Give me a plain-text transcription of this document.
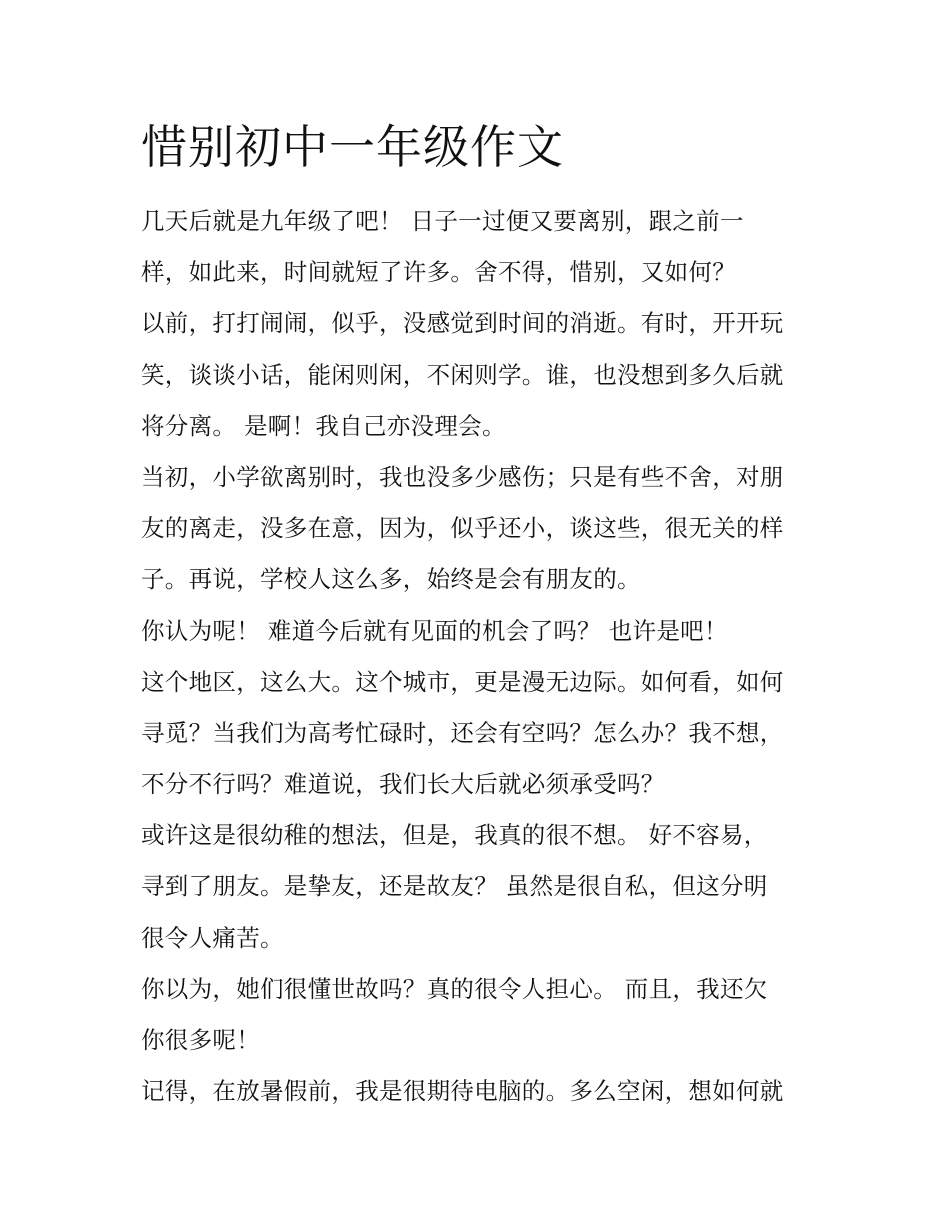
惜别初中一年级作文
几天后就是九年级了吧！ 日子一过便又要离别，跟之前一
样，如此来，时间就短了许多。舍不得，惜别，又如何？
以前，打打闹闹，似乎，没感觉到时间的消逝。有时，开开玩
笑，谈谈小话，能闲则闲，不闲则学。谁，也没想到多久后就
将分离。 是啊！我自己亦没理会。
当初，小学欲离别时，我也没多少感伤；只是有些不舍，对朋
友的离走，没多在意，因为，似乎还小，谈这些，很无关的样
子。再说，学校人这么多，始终是会有朋友的。
你认为呢！ 难道今后就有见面的机会了吗？ 也许是吧！
这个地区，这么大。这个城市，更是漫无边际。如何看，如何
寻觅？当我们为高考忙碌时，还会有空吗？怎么办？我不想，
不分不行吗？难道说，我们长大后就必须承受吗？
或许这是很幼稚的想法，但是，我真的很不想。 好不容易，
寻到了朋友。是挚友，还是故友？ 虽然是很自私，但这分明
很令人痛苦。
你以为，她们很懂世故吗？真的很令人担心。 而且，我还欠
你很多呢！
记得，在放暑假前，我是很期待电脑的。多么空闲，想如何就
